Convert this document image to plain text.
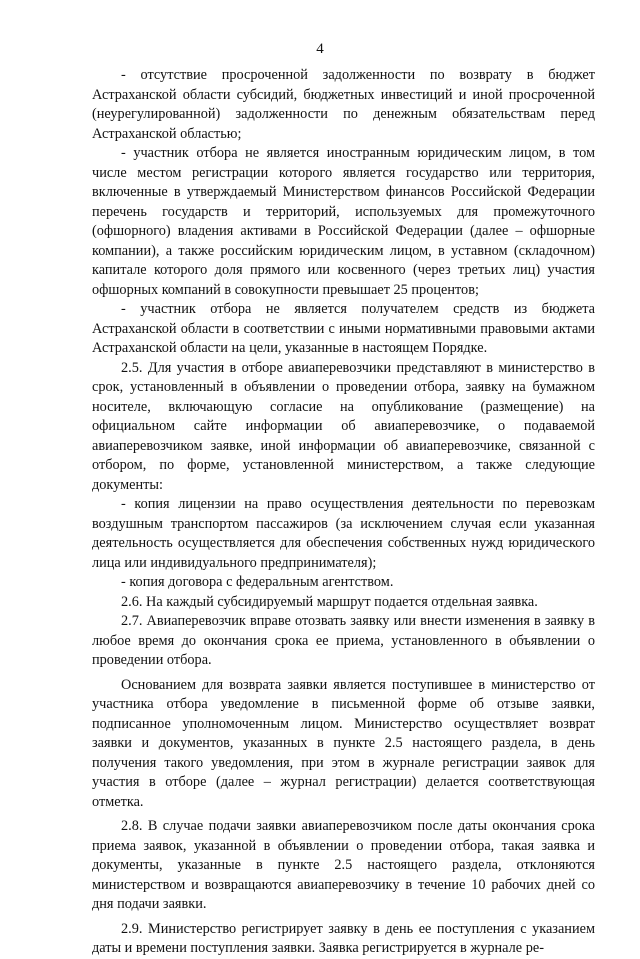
4

- отсутствие просроченной задолженности по возврату в бюджет Астраханской области субсидий, бюджетных инвестиций и иной просроченной (неурегулированной) задолженности по денежным обязательствам перед Астраханской областью;

- участник отбора не является иностранным юридическим лицом, в том числе местом регистрации которого является государство или территория, включенные в утверждаемый Министерством финансов Российской Федерации перечень государств и территорий, используемых для промежуточного (офшорного) владения активами в Российской Федерации (далее – офшорные компании), а также российским юридическим лицом, в уставном (складочном) капитале которого доля прямого или косвенного (через третьих лиц) участия офшорных компаний в совокупности превышает 25 процентов;

- участник отбора не является получателем средств из бюджета Астраханской области в соответствии с иными нормативными правовыми актами Астраханской области на цели, указанные в настоящем Порядке.

2.5. Для участия в отборе авиаперевозчики представляют в министерство в срок, установленный в объявлении о проведении отбора, заявку на бумажном носителе, включающую согласие на опубликование (размещение) на официальном сайте информации об авиаперевозчике, о подаваемой авиаперевозчиком заявке, иной информации об авиаперевозчике, связанной с отбором, по форме, установленной министерством, а также следующие документы:

- копия лицензии на право осуществления деятельности по перевозкам воздушным транспортом пассажиров (за исключением случая если указанная деятельность осуществляется для обеспечения собственных нужд юридического лица или индивидуального предпринимателя);

- копия договора с федеральным агентством.

2.6. На каждый субсидируемый маршрут подается отдельная заявка.

2.7. Авиаперевозчик вправе отозвать заявку или внести изменения в заявку в любое время до окончания срока ее приема, установленного в объявлении о проведении отбора.

Основанием для возврата заявки является поступившее в министерство от участника отбора уведомление в письменной форме об отзыве заявки, подписанное уполномоченным лицом. Министерство осуществляет возврат заявки и документов, указанных в пункте 2.5 настоящего раздела, в день получения такого уведомления, при этом в журнале регистрации заявок для участия в отборе (далее – журнал регистрации) делается соответствующая отметка.

2.8. В случае подачи заявки авиаперевозчиком после даты окончания срока приема заявок, указанной в объявлении о проведении отбора, такая заявка и документы, указанные в пункте 2.5 настоящего раздела, отклоняются министерством и возвращаются авиаперевозчику в течение 10 рабочих дней со дня подачи заявки.

2.9. Министерство регистрирует заявку в день ее поступления с указанием даты и времени поступления заявки. Заявка регистрируется в журнале ре-
